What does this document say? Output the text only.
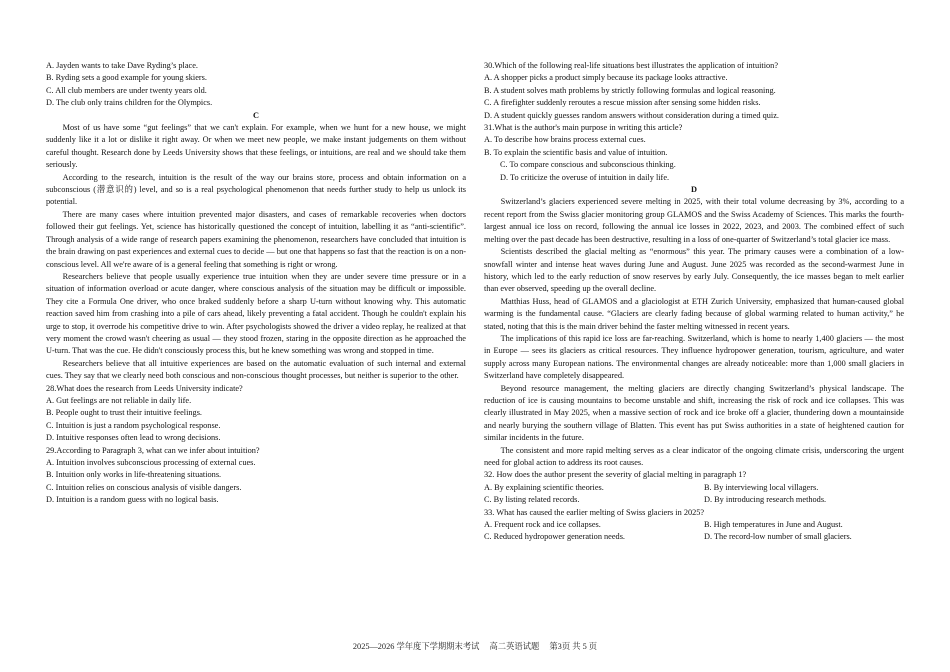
A. Jayden wants to take Dave Ryding’s place.

B. Ryding sets a good example for young skiers.

C. All club members are under twenty years old.

D. The club only trains children for the Olympics.

C

Most of us have some “gut feelings” that we can't explain. For example, when we hunt for a new house, we might suddenly like it a lot or dislike it right away. Or when we meet new people, we make instant judgements on them without careful thought. Research done by Leeds University shows that these feelings, or intuitions, are real and we should take them seriously.

According to the research, intuition is the result of the way our brains store, process and obtain information on a subconscious (潜意识的) level, and so is a real psychological phenomenon that needs further study to help us unlock its potential.

There are many cases where intuition prevented major disasters, and cases of remarkable recoveries when doctors followed their gut feelings. Yet, science has historically questioned the concept of intuition, labelling it as “anti-scientific”. Through analysis of a wide range of research papers examining the phenomenon, researchers have concluded that intuition is the brain drawing on past experiences and external cues to decide — but one that happens so fast that the reaction is on a non-conscious level. All we're aware of is a general feeling that something is right or wrong.

Researchers believe that people usually experience true intuition when they are under severe time pressure or in a situation of information overload or acute danger, where conscious analysis of the situation may be difficult or impossible. They cite a Formula One driver, who once braked suddenly before a sharp U-turn without knowing why. This automatic reaction saved him from crashing into a pile of cars ahead, likely preventing a fatal accident. Though he couldn't explain his urge to stop, it overrode his competitive drive to win. After psychologists showed the driver a video replay, he realized at that very moment the crowd wasn't cheering as usual — they stood frozen, staring in the opposite direction as he approached the U-turn. That was the cue. He didn't consciously process this, but he knew something was wrong and stopped in time.

Researchers believe that all intuitive experiences are based on the automatic evaluation of such internal and external cues. They say that we clearly need both conscious and non-conscious thought processes, but neither is superior to the other.

28.What does the research from Leeds University indicate?

A. Gut feelings are not reliable in daily life.

B. People ought to trust their intuitive feelings.

C. Intuition is just a random psychological response.

D. Intuitive responses often lead to wrong decisions.

29.According to Paragraph 3, what can we infer about intuition?

A. Intuition involves subconscious processing of external cues.

B. Intuition only works in life-threatening situations.

C. Intuition relies on conscious analysis of visible dangers.

D. Intuition is a random guess with no logical basis.

30.Which of the following real-life situations best illustrates the application of intuition?

A. A shopper picks a product simply because its package looks attractive.

B. A student solves math problems by strictly following formulas and logical reasoning.

C. A firefighter suddenly reroutes a rescue mission after sensing some hidden risks.

D. A student quickly guesses random answers without consideration during a timed quiz.

31.What is the author's main purpose in writing this article?

A. To describe how brains process external cues.

B. To explain the scientific basis and value of intuition.

C. To compare conscious and subconscious thinking.

D. To criticize the overuse of intuition in daily life.

D

Switzerland’s glaciers experienced severe melting in 2025, with their total volume decreasing by 3%, according to a recent report from the Swiss glacier monitoring group GLAMOS and the Swiss Academy of Sciences. This marks the fourth-largest annual ice loss on record, following the annual ice losses in 2022, 2023, and 2003. The combined effect of such melting over the past decade has been destructive, resulting in a loss of one-quarter of Switzerland’s total glacier ice mass.

Scientists described the glacial melting as “enormous” this year. The primary causes were a combination of a low-snowfall winter and intense heat waves during June and August. June 2025 was recorded as the second-warmest June in history, which led to the early reduction of snow reserves by early July. Consequently, the ice masses began to melt earlier than ever observed, speeding up the overall decline.

Matthias Huss, head of GLAMOS and a glaciologist at ETH Zurich University, emphasized that human-caused global warming is the fundamental cause. “Glaciers are clearly fading because of global warming related to human activity,” he stated, noting that this is the main driver behind the faster melting witnessed in recent years.

The implications of this rapid ice loss are far-reaching. Switzerland, which is home to nearly 1,400 glaciers — the most in Europe — sees its glaciers as critical resources. They influence hydropower generation, tourism, agriculture, and water supply across many European nations. The environmental changes are already noticeable: more than 1,000 small glaciers in Switzerland have completely disappeared.

Beyond resource management, the melting glaciers are directly changing Switzerland’s physical landscape. The reduction of ice is causing mountains to become unstable and shift, increasing the risk of rock and ice collapses. This was clearly illustrated in May 2025, when a massive section of rock and ice broke off a glacier, thundering down a mountainside and nearly burying the southern village of Blatten. This event has put Swiss authorities in a state of heightened caution for similar incidents in the future.

The consistent and more rapid melting serves as a clear indicator of the ongoing climate crisis, underscoring the urgent need for global action to address its root causes.

32. How does the author present the severity of glacial melting in paragraph 1?

A. By explaining scientific theories.	B. By interviewing local villagers.
C. By listing related records.	D. By introducing research methods.

33. What has caused the earlier melting of Swiss glaciers in 2025?

A. Frequent rock and ice collapses.	B. High temperatures in June and August.
C. Reduced hydropower generation needs.	D. The record-low number of small glaciers.
2025—2026 学年度下学期期末考试 高二英语试题 第3页 共 5 页
